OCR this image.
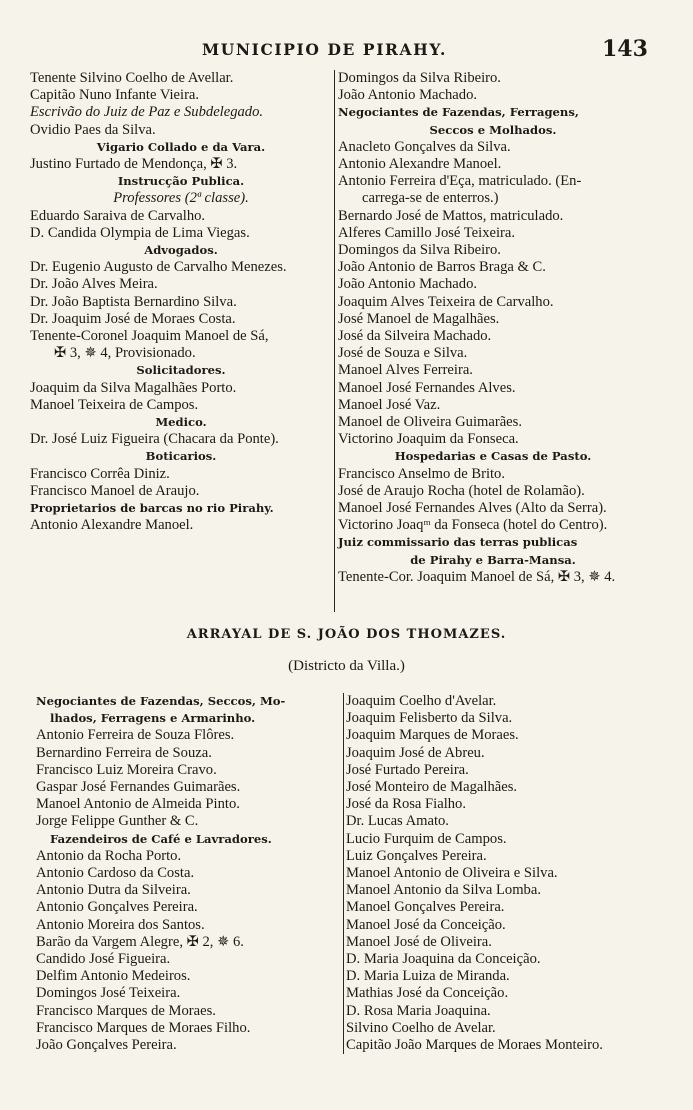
MUNICIPIO DE PIRAHY.	143
Tenente Silvino Coelho de Avellar.
Capitão Nuno Infante Vieira.
Escrivão do Juiz de Paz e Subdelegado.
Ovidio Paes da Silva.
Vigario Collado e da Vara.
Justino Furtado de Mendonça, ✠ 3.
Instrucção Publica.
Professores (2ª classe).
Eduardo Saraiva de Carvalho.
D. Candida Olympia de Lima Viegas.
Advogados.
Dr. Eugenio Augusto de Carvalho Menezes.
Dr. João Alves Meira.
Dr. João Baptista Bernardino Silva.
Dr. Joaquim José de Moraes Costa.
Tenente-Coronel Joaquim Manoel de Sá,
✠ 3, ✵ 4, Provisionado.
Solicitadores.
Joaquim da Silva Magalhães Porto.
Manoel Teixeira de Campos.
Medico.
Dr. José Luiz Figueira (Chacara da Ponte).
Boticarios.
Francisco Corrêa Diniz.
Francisco Manoel de Araujo.
Proprietarios de barcas no rio Pirahy.
Antonio Alexandre Manoel.
Domingos da Silva Ribeiro.
João Antonio Machado.
Negociantes de Fazendas, Ferragens,
Seccos e Molhados.
Anacleto Gonçalves da Silva.
Antonio Alexandre Manoel.
Antonio Ferreira d'Eça, matriculado. (En-
carrega-se de enterros.)
Bernardo José de Mattos, matriculado.
Alferes Camillo José Teixeira.
Domingos da Silva Ribeiro.
João Antonio de Barros Braga & C.
João Antonio Machado.
Joaquim Alves Teixeira de Carvalho.
José Manoel de Magalhães.
José da Silveira Machado.
José de Souza e Silva.
Manoel Alves Ferreira.
Manoel José Fernandes Alves.
Manoel José Vaz.
Manoel de Oliveira Guimarães.
Victorino Joaquim da Fonseca.
Hospedarias e Casas de Pasto.
Francisco Anselmo de Brito.
José de Araujo Rocha (hotel de Rolamão).
Manoel José Fernandes Alves (Alto da Serra).
Victorino Joaqᵐ da Fonseca (hotel do Centro).
Juiz commissario das terras publicas
de Pirahy e Barra-Mansa.
Tenente-Cor. Joaquim Manoel de Sá, ✠ 3, ✵ 4.
ARRAYAL DE S. JOÃO DOS THOMAZES.
(Districto da Villa.)
Negociantes de Fazendas, Seccos, Mo-
lhados, Ferragens e Armarinho.
Antonio Ferreira de Souza Flôres.
Bernardino Ferreira de Souza.
Francisco Luiz Moreira Cravo.
Gaspar José Fernandes Guimarães.
Manoel Antonio de Almeida Pinto.
Jorge Felippe Gunther & C.
Fazendeiros de Café e Lavradores.
Antonio da Rocha Porto.
Antonio Cardoso da Costa.
Antonio Dutra da Silveira.
Antonio Gonçalves Pereira.
Antonio Moreira dos Santos.
Barão da Vargem Alegre, ✠ 2, ✵ 6.
Candido José Figueira.
Delfim Antonio Medeiros.
Domingos José Teixeira.
Francisco Marques de Moraes.
Francisco Marques de Moraes Filho.
João Gonçalves Pereira.
Joaquim Coelho d'Avelar.
Joaquim Felisberto da Silva.
Joaquim Marques de Moraes.
Joaquim José de Abreu.
José Furtado Pereira.
José Monteiro de Magalhães.
José da Rosa Fialho.
Dr. Lucas Amato.
Lucio Furquim de Campos.
Luiz Gonçalves Pereira.
Manoel Antonio de Oliveira e Silva.
Manoel Antonio da Silva Lomba.
Manoel Gonçalves Pereira.
Manoel José da Conceição.
Manoel José de Oliveira.
D. Maria Joaquina da Conceição.
D. Maria Luiza de Miranda.
Mathias José da Conceição.
D. Rosa Maria Joaquina.
Silvino Coelho de Avelar.
Capitão João Marques de Moraes Monteiro.
